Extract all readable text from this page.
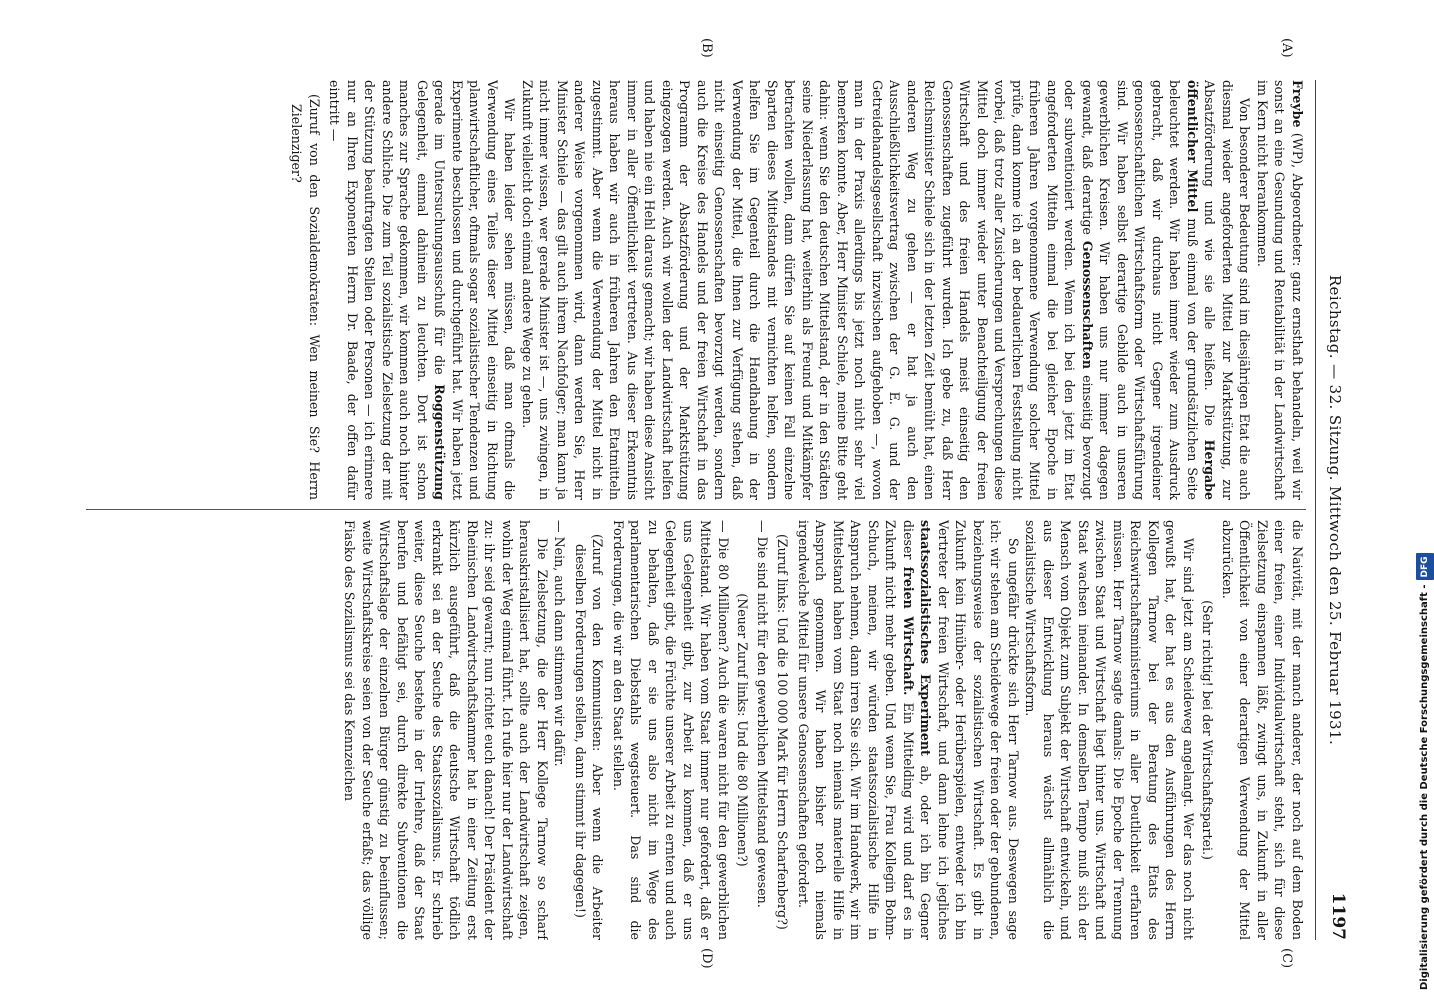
Reichstag. — 32. Sitzung. Mittwoch den 25. Februar 1931.
1197
(A)
(B)
(C)
(D)

Freybe (WP), Abgeordneter: ganz ernsthaft behandeln, weil wir sonst an eine Gesundung und Rentabilität in der Landwirtschaft im Kern nicht herankommen.

Von besonderer Bedeutung sind im diesjährigen Etat die auch diesmal wieder angeforderten Mittel zur Marktstützung, zur Absatzförderung und wie sie alle heißen. Die Hergabe öffentlicher Mittel muß einmal von der grundsätzlichen Seite beleuchtet werden. Wir haben immer wieder zum Ausdruck gebracht, daß wir durchaus nicht Gegner irgendeiner genossenschaftlichen Wirtschaftsform oder Wirtschaftsführung sind. Wir haben selbst derartige Gebilde auch in unseren gewerblichen Kreisen. Wir haben uns nur immer dagegen gewandt, daß derartige Genossenschaften einseitig bevorzugt oder subventioniert werden. Wenn ich bei den jetzt im Etat angeforderten Mitteln einmal die bei gleicher Epoche in früheren Jahren vorgenommene Verwendung solcher Mittel prüfe, dann komme ich an der bedauerlichen Feststellung nicht vorbei, daß trotz aller Zusicherungen und Versprechungen diese Mittel doch immer wieder unter Benachteiligung der freien Wirtschaft und des freien Handels meist einseitig den Genossenschaften zugeführt wurden. Ich gebe zu, daß Herr Reichsminister Schiele sich in der letzten Zeit bemüht hat, einen anderen Weg zu gehen — er hat ja auch den Ausschließlichkeitsvertrag zwischen der G. E. G. und der Getreidehandelsgesellschaft inzwischen aufgehoben —, wovon man in der Praxis allerdings bis jetzt noch nicht sehr viel bemerken konnte. Aber, Herr Minister Schiele, meine Bitte geht dahin: wenn Sie den deutschen Mittelstand, der in den Städten seine Niederlassung hat, weiterhin als Freund und Mitkämpfer betrachten wollen, dann dürfen Sie auf keinen Fall einzelne Sparten dieses Mittelstandes mit vernichten helfen, sondern helfen Sie im Gegenteil durch die Handhabung in der Verwendung der Mittel, die Ihnen zur Verfügung stehen, daß nicht einseitig Genossenschaften bevorzugt werden, sondern auch die Kreise des Handels und der freien Wirtschaft in das Programm der Absatzförderung und der Marktstützung eingezogen werden. Auch wir wollen der Landwirtschaft helfen und haben nie ein Hehl daraus gemacht; wir haben diese Ansicht immer in aller Öffentlichkeit vertreten. Aus dieser Erkenntnis heraus haben wir auch in früheren Jahren den Etatmitteln zugestimmt. Aber wenn die Verwendung der Mittel nicht in anderer Weise vorgenommen wird, dann werden Sie, Herr Minister Schiele — das gilt auch ihrem Nachfolger; man kann ja nicht immer wissen, wer gerade Minister ist —, uns zwingen, in Zukunft vielleicht doch einmal andere Wege zu gehen.

Wir haben leider sehen müssen, daß man oftmals die Verwendung eines Teiles dieser Mittel einseitig in Richtung planwirtschaftlicher, oftmals sogar sozialistischer Tendenzen und Experimente beschlossen und durchgeführt hat. Wir haben jetzt gerade im Untersuchungsausschuß für die Roggenstützung Gelegenheit, einmal dahinein zu leuchten. Dort ist schon manches zur Sprache gekommen, wir kommen auch noch hinter andere Schliche. Die zum Teil sozialistische Zielsetzung der mit der Stützung beauftragten Stellen oder Personen — ich erinnere nur an Ihren Exponenten Herrn Dr. Baade, der offen dafür eintritt —

(Zuruf von den Sozialdemokraten: Wen meinen Sie? Herrn Zielenziger?

die Naivität, mit der manch anderer, der noch auf dem Boden einer freien, einer Individualwirtschaft steht, sich für diese Zielsetzung einspannen läßt, zwingt uns, in Zukunft in aller Öffentlichkeit von einer derartigen Verwendung der Mittel abzurücken.

(Sehr richtig! bei der Wirtschaftspartei.)

Wir sind jetzt am Scheideweg angelangt. Wer das noch nicht gewußt hat, der hat es aus den Ausführungen des Herrn Kollegen Tarnow bei der Beratung des Etats des Reichswirtschaftsministeriums in aller Deutlichkeit erfahren müssen. Herr Tarnow sagte damals: Die Epoche der Trennung zwischen Staat und Wirtschaft liegt hinter uns. Wirtschaft und Staat wachsen ineinander. In demselben Tempo muß sich der Mensch vom Objekt zum Subjekt der Wirtschaft entwickeln, und aus dieser Entwicklung heraus wächst allmählich die sozialistische Wirtschaftsform.

So ungefähr drückte sich Herr Tarnow aus. Deswegen sage ich: wir stehen am Scheidewege der freien oder der gebundenen, beziehungsweise der sozialistischen Wirtschaft. Es gibt in Zukunft kein Hinüber- oder Herüberspielen, entweder ich bin Vertreter der freien Wirtschaft, und dann lehne ich jegliches staatssozialistisches Experiment ab, oder ich bin Gegner dieser freien Wirtschaft. Ein Mittelding wird und darf es in Zukunft nicht mehr geben. Und wenn Sie, Frau Kollegin Bohm-Schuch, meinen, wir würden staatssozialistische Hilfe in Anspruch nehmen, dann irren Sie sich. Wir im Handwerk, wir im Mittelstand haben vom Staat noch niemals materielle Hilfe in Anspruch genommen. Wir haben bisher noch niemals irgendwelche Mittel für unsere Genossenschaften gefordert.

(Zuruf links: Und die 100 000 Mark für Herrn Scharfenberg?)

— Die sind nicht für den gewerblichen Mittelstand gewesen.

(Neuer Zuruf links: Und die 80 Millionen?)

— Die 80 Millionen? Auch die waren nicht für den gewerblichen Mittelstand. Wir haben vom Staat immer nur gefordert, daß er uns Gelegenheit gibt, zur Arbeit zu kommen, daß er uns Gelegenheit gibt, die Früchte unserer Arbeit zu ernten und auch zu behalten, daß er sie uns also nicht im Wege des parlamentarischen Diebstahls wegsteuert. Das sind die Forderungen, die wir an den Staat stellen.

(Zuruf von den Kommunisten: Aber wenn die Arbeiter dieselben Forderungen stellen, dann stimmt ihr dagegen!)

— Nein, auch dann stimmen wir dafür.

Die Zielsetzung, die der Herr Kollege Tarnow so scharf herauskristallisiert hat, sollte auch der Landwirtschaft zeigen, wohin der Weg einmal führt. Ich rufe hier nur der Landwirtschaft zu: ihr seid gewarnt; nun richtet euch danach! Der Präsident der Rheinischen Landwirtschaftskammer hat in einer Zeitung erst kürzlich ausgeführt, daß die deutsche Wirtschaft tödlich erkrankt sei an der Seuche des Staatssozialismus. Er schrieb weiter, diese Seuche bestehe in der Irrlehre, daß der Staat berufen und befähigt sei, durch direkte Subventionen die Wirtschaftslage der einzelnen Bürger günstig zu beeinflussen; weite Wirtschaftskreise seien von der Seuche erfaßt; das völlige Fiasko des Sozialismus sei das Kennzeichen	Digitalisierung gefördert durch die Deutsche Forschungsgemeinschaft -DFG
